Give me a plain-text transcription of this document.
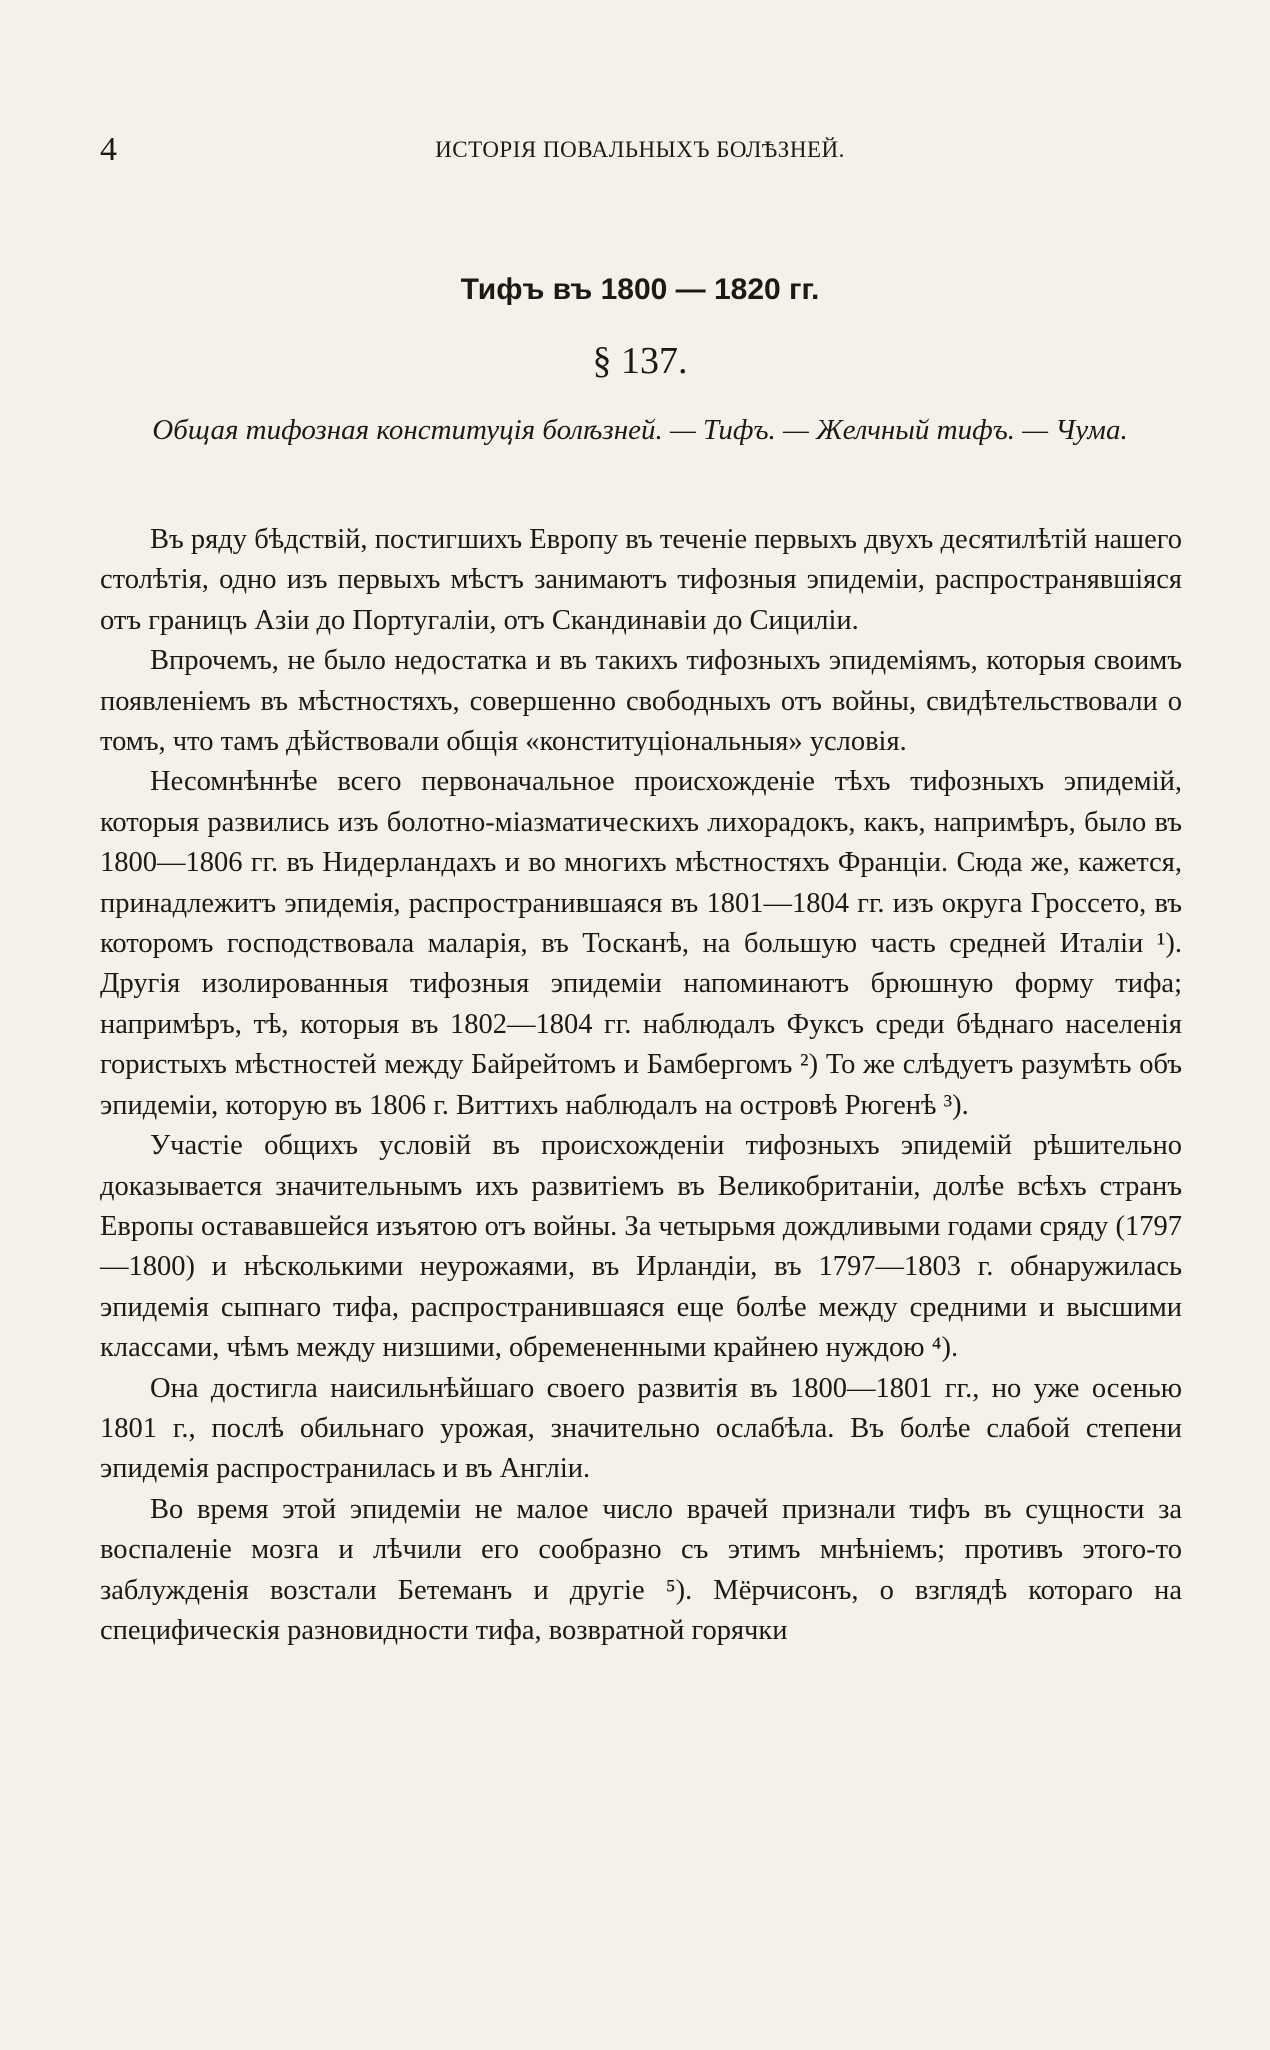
4	ИСТОРІЯ ПОВАЛЬНЫХЪ БОЛѢЗНЕЙ.
Тифъ въ 1800 — 1820 гг.
§ 137.
Общая тифозная конституція болѣзней. — Тифъ. — Желчный тифъ. — Чума.

Въ ряду бѣдствій, постигшихъ Европу въ теченіе первыхъ двухъ десятилѣтій нашего столѣтія, одно изъ первыхъ мѣстъ занимаютъ тифозныя эпидеміи, распространявшіяся отъ границъ Азіи до Португаліи, отъ Скандинавіи до Сициліи.

Впрочемъ, не было недостатка и въ такихъ тифозныхъ эпидеміямъ, которыя своимъ появленіемъ въ мѣстностяхъ, совершенно свободныхъ отъ войны, свидѣтельствовали о томъ, что тамъ дѣйствовали общія «конституціональныя» условія.

Несомнѣннѣе всего первоначальное происхожденіе тѣхъ тифозныхъ эпидемій, которыя развились изъ болотно-міазматическихъ лихорадокъ, какъ, напримѣръ, было въ 1800—1806 гг. въ Нидерландахъ и во многихъ мѣстностяхъ Франціи. Сюда же, кажется, принадлежитъ эпидемія, распространившаяся въ 1801—1804 гг. изъ округа Гроссето, въ которомъ господствовала маларія, въ Тосканѣ, на большую часть средней Италіи ¹). Другія изолированныя тифозныя эпидеміи напоминаютъ брюшную форму тифа; напримѣръ, тѣ, которыя въ 1802—1804 гг. наблюдалъ Фуксъ среди бѣднаго населенія гористыхъ мѣстностей между Байрейтомъ и Бамбергомъ ²) То же слѣдуетъ разумѣть объ эпидеміи, которую въ 1806 г. Виттихъ наблюдалъ на островѣ Рюгенѣ ³).

Участіе общихъ условій въ происхожденіи тифозныхъ эпидемій рѣшительно доказывается значительнымъ ихъ развитіемъ въ Великобританіи, долѣе всѣхъ странъ Европы остававшейся изъятою отъ войны. За четырьмя дождливыми годами сряду (1797—1800) и нѣсколькими неурожаями, въ Ирландіи, въ 1797—1803 г. обнаружилась эпидемія сыпнаго тифа, распространившаяся еще болѣе между средними и высшими классами, чѣмъ между низшими, обремененными крайнею нуждою ⁴).

Она достигла наисильнѣйшаго своего развитія въ 1800—1801 гг., но уже осенью 1801 г., послѣ обильнаго урожая, значительно ослабѣла. Въ болѣе слабой степени эпидемія распространилась и въ Англіи.

Во время этой эпидеміи не малое число врачей признали тифъ въ сущности за воспаленіе мозга и лѣчили его сообразно съ этимъ мнѣніемъ; противъ этого-то заблужденія возстали Бетеманъ и другіе ⁵). Мёрчисонъ, о взглядѣ котораго на специфическія разновидности тифа, возвратной горячки
